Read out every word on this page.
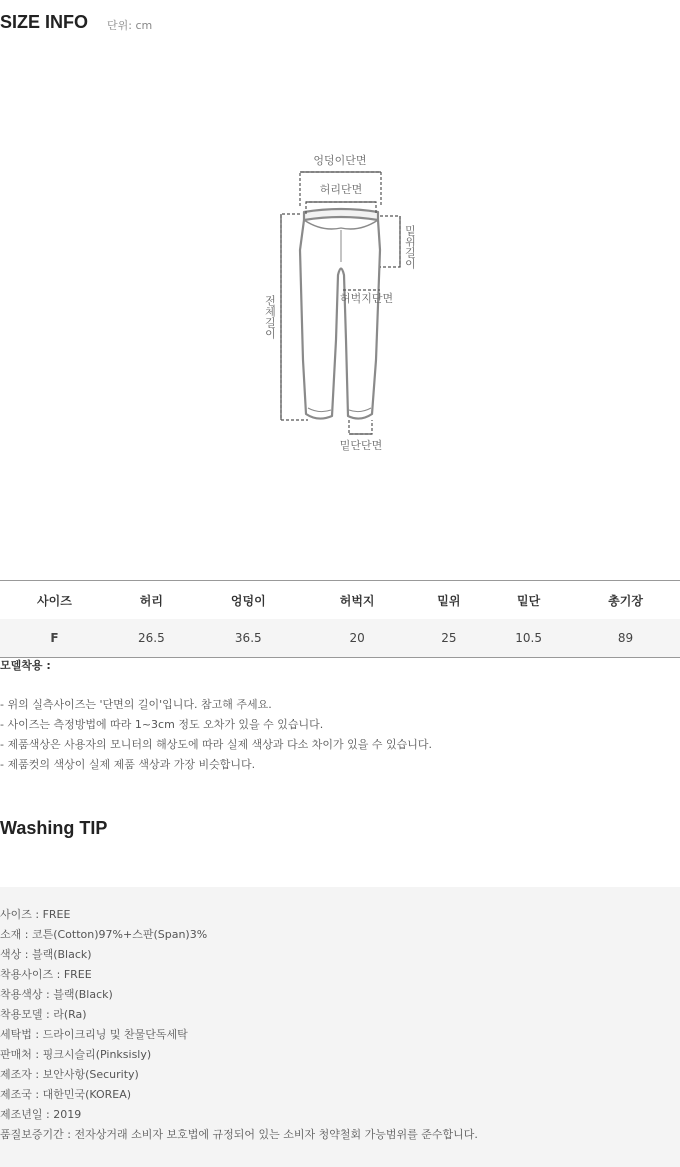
SIZE INFO 단위: cm
엉덩이단면
허리단면
밑위길이
전체길이	허벅지단면
밑단단면
사이즈	허리	엉덩이	허벅지	밑위	밑단	총기장
F	26.5	36.5	20	25	10.5	89
모델착용 :
- 위의 실측사이즈는 '단면의 길이'입니다. 참고해 주세요.
- 사이즈는 측정방법에 따라 1~3cm 정도 오차가 있을 수 있습니다.
- 제품색상은 사용자의 모니터의 해상도에 따라 실제 색상과 다소 차이가 있을 수 있습니다.
- 제품컷의 색상이 실제 제품 색상과 가장 비슷합니다.
Washing TIP
사이즈 : FREE
소재 : 코튼(Cotton)97%+스판(Span)3%
색상 : 블랙(Black)
착용사이즈 : FREE
착용색상 : 블랙(Black)
착용모델 : 라(Ra)
세탁법 : 드라이크리닝 및 찬물단독세탁
판매처 : 핑크시슬리(Pinksisly)
제조자 : 보안사항(Security)
제조국 : 대한민국(KOREA)
제조년일 : 2019
품질보증기간 : 전자상거래 소비자 보호법에 규정되어 있는 소비자 청약철회 가능범위를 준수합니다.
